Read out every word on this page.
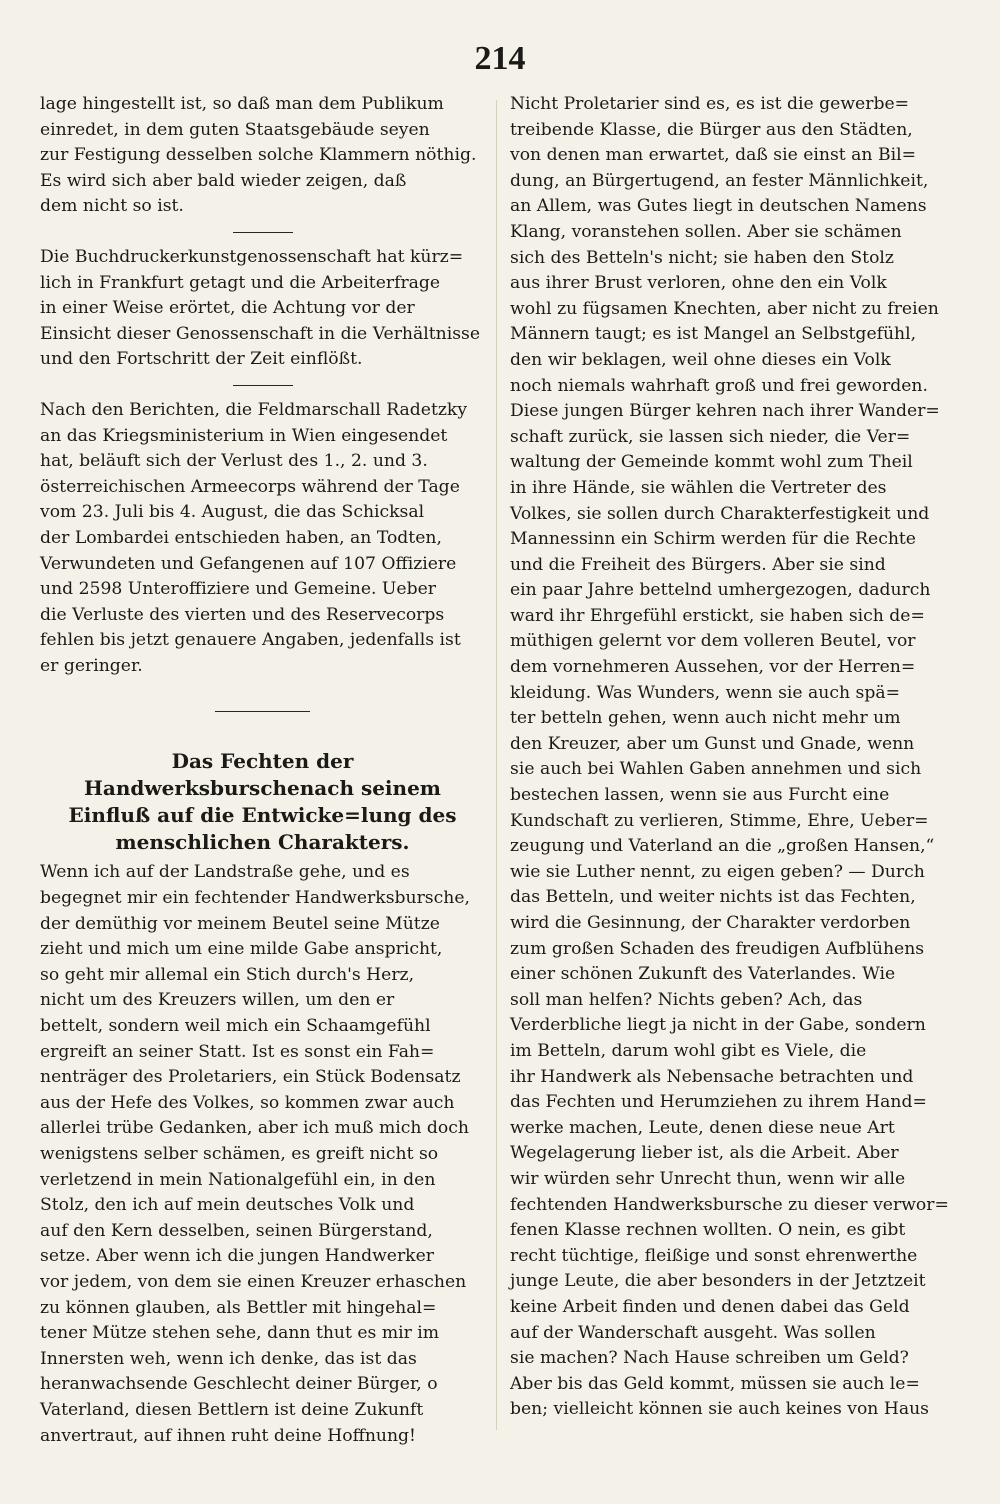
214

lage hingestellt ist, so daß man dem Publikum
einredet, in dem guten Staatsgebäude seyen
zur Festigung desselben solche Klammern nöthig.
Es wird sich aber bald wieder zeigen, daß
dem nicht so ist.

Die Buchdruckerkunstgenossenschaft hat kürz=
lich in Frankfurt getagt und die Arbeiterfrage
in einer Weise erörtet, die Achtung vor der
Einsicht dieser Genossenschaft in die Verhältnisse
und den Fortschritt der Zeit einflößt.

Nach den Berichten, die Feldmarschall Radetzky
an das Kriegsministerium in Wien eingesendet
hat, beläuft sich der Verlust des 1., 2. und 3.
österreichischen Armeecorps während der Tage
vom 23. Juli bis 4. August, die das Schicksal
der Lombardei entschieden haben, an Todten,
Verwundeten und Gefangenen auf 107 Offiziere
und 2598 Unteroffiziere und Gemeine. Ueber
die Verluste des vierten und des Reservecorps
fehlen bis jetzt genauere Angaben, jedenfalls ist
er geringer.

Das Fechten der Handwerksburschenach seinem Einfluß auf die Entwicke=lung des menschlichen Charakters.

Wenn ich auf der Landstraße gehe, und es
begegnet mir ein fechtender Handwerksbursche,
der demüthig vor meinem Beutel seine Mütze
zieht und mich um eine milde Gabe anspricht,
so geht mir allemal ein Stich durch's Herz,
nicht um des Kreuzers willen, um den er
bettelt, sondern weil mich ein Schaamgefühl
ergreift an seiner Statt. Ist es sonst ein Fah=
nenträger des Proletariers, ein Stück Bodensatz
aus der Hefe des Volkes, so kommen zwar auch
allerlei trübe Gedanken, aber ich muß mich doch
wenigstens selber schämen, es greift nicht so
verletzend in mein Nationalgefühl ein, in den
Stolz, den ich auf mein deutsches Volk und
auf den Kern desselben, seinen Bürgerstand,
setze. Aber wenn ich die jungen Handwerker
vor jedem, von dem sie einen Kreuzer erhaschen
zu können glauben, als Bettler mit hingehal=
tener Mütze stehen sehe, dann thut es mir im
Innersten weh, wenn ich denke, das ist das
heranwachsende Geschlecht deiner Bürger, o
Vaterland, diesen Bettlern ist deine Zukunft
anvertraut, auf ihnen ruht deine Hoffnung!

Nicht Proletarier sind es, es ist die gewerbe=
treibende Klasse, die Bürger aus den Städten,
von denen man erwartet, daß sie einst an Bil=
dung, an Bürgertugend, an fester Männlichkeit,
an Allem, was Gutes liegt in deutschen Namens
Klang, voranstehen sollen. Aber sie schämen
sich des Betteln's nicht; sie haben den Stolz
aus ihrer Brust verloren, ohne den ein Volk
wohl zu fügsamen Knechten, aber nicht zu freien
Männern taugt; es ist Mangel an Selbstgefühl,
den wir beklagen, weil ohne dieses ein Volk
noch niemals wahrhaft groß und frei geworden.
Diese jungen Bürger kehren nach ihrer Wander=
schaft zurück, sie lassen sich nieder, die Ver=
waltung der Gemeinde kommt wohl zum Theil
in ihre Hände, sie wählen die Vertreter des
Volkes, sie sollen durch Charakterfestigkeit und
Mannessinn ein Schirm werden für die Rechte
und die Freiheit des Bürgers. Aber sie sind
ein paar Jahre bettelnd umhergezogen, dadurch
ward ihr Ehrgefühl erstickt, sie haben sich de=
müthigen gelernt vor dem volleren Beutel, vor
dem vornehmeren Aussehen, vor der Herren=
kleidung. Was Wunders, wenn sie auch spä=
ter betteln gehen, wenn auch nicht mehr um
den Kreuzer, aber um Gunst und Gnade, wenn
sie auch bei Wahlen Gaben annehmen und sich
bestechen lassen, wenn sie aus Furcht eine
Kundschaft zu verlieren, Stimme, Ehre, Ueber=
zeugung und Vaterland an die „großen Hansen,“
wie sie Luther nennt, zu eigen geben? — Durch
das Betteln, und weiter nichts ist das Fechten,
wird die Gesinnung, der Charakter verdorben
zum großen Schaden des freudigen Aufblühens
einer schönen Zukunft des Vaterlandes. Wie
soll man helfen? Nichts geben? Ach, das
Verderbliche liegt ja nicht in der Gabe, sondern
im Betteln, darum wohl gibt es Viele, die
ihr Handwerk als Nebensache betrachten und
das Fechten und Herumziehen zu ihrem Hand=
werke machen, Leute, denen diese neue Art
Wegelagerung lieber ist, als die Arbeit. Aber
wir würden sehr Unrecht thun, wenn wir alle
fechtenden Handwerksbursche zu dieser verwor=
fenen Klasse rechnen wollten. O nein, es gibt
recht tüchtige, fleißige und sonst ehrenwerthe
junge Leute, die aber besonders in der Jetztzeit
keine Arbeit finden und denen dabei das Geld
auf der Wanderschaft ausgeht. Was sollen
sie machen? Nach Hause schreiben um Geld?
Aber bis das Geld kommt, müssen sie auch le=
ben; vielleicht können sie auch keines von Haus
